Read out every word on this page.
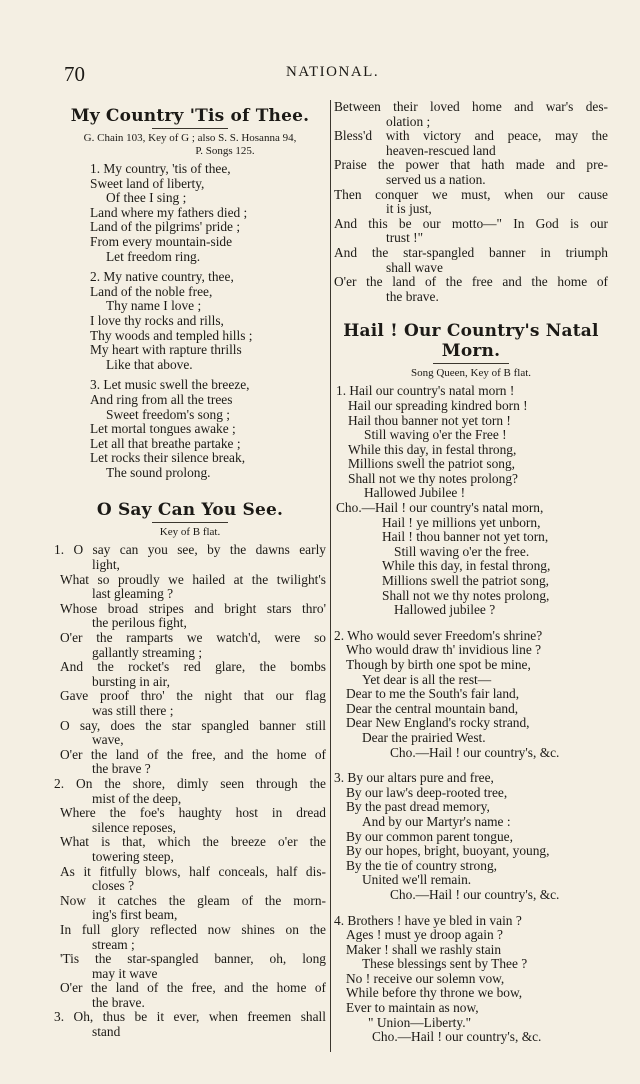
70	NATIONAL.
My Country 'Tis of Thee.
G. Chain 103, Key of G ; also S. S. Hosanna 94,
P. Songs 125.
1. My country, 'tis of thee,
Sweet land of liberty,
Of thee I sing ;
Land where my fathers died ;
Land of the pilgrims' pride ;
From every mountain-side
Let freedom ring.
2. My native country, thee,
Land of the noble free,
Thy name I love ;
I love thy rocks and rills,
Thy woods and templed hills ;
My heart with rapture thrills
Like that above.
3. Let music swell the breeze,
And ring from all the trees
Sweet freedom's song ;
Let mortal tongues awake ;
Let all that breathe partake ;
Let rocks their silence break,
The sound prolong.
O Say Can You See.
Key of B flat.
1. O say can you see, by the dawns early
light,
What so proudly we hailed at the twilight's
last gleaming ?
Whose broad stripes and bright stars thro'
the perilous fight,
O'er the ramparts we watch'd, were so
gallantly streaming ;
And the rocket's red glare, the bombs
bursting in air,
Gave proof thro' the night that our flag
was still there ;
O say, does the star spangled banner still
wave,
O'er the land of the free, and the home of
the brave ?
2. On the shore, dimly seen through the
mist of the deep,
Where the foe's haughty host in dread
silence reposes,
What is that, which the breeze o'er the
towering steep,
As it fitfully blows, half conceals, half dis-
closes ?
Now it catches the gleam of the morn-
ing's first beam,
In full glory reflected now shines on the
stream ;
'Tis the star-spangled banner, oh, long
may it wave
O'er the land of the free, and the home of
the brave.
3. Oh, thus be it ever, when freemen shall
stand
Between their loved home and war's des-
olation ;
Bless'd with victory and peace, may the
heaven-rescued land
Praise the power that hath made and pre-
served us a nation.
Then conquer we must, when our cause
it is just,
And this be our motto—" In God is our
trust !"
And the star-spangled banner in triumph
shall wave
O'er the land of the free and the home of
the brave.
Hail ! Our Country's Natal Morn.
Song Queen, Key of B flat.
1. Hail our country's natal morn !
Hail our spreading kindred born !
Hail thou banner not yet torn !
Still waving o'er the Free !
While this day, in festal throng,
Millions swell the patriot song,
Shall not we thy notes prolong?
Hallowed Jubilee !
Cho.—Hail ! our country's natal morn,
Hail ! ye millions yet unborn,
Hail ! thou banner not yet torn,
Still waving o'er the free.
While this day, in festal throng,
Millions swell the patriot song,
Shall not we thy notes prolong,
Hallowed jubilee ?
2. Who would sever Freedom's shrine?
Who would draw th' invidious line ?
Though by birth one spot be mine,
Yet dear is all the rest—
Dear to me the South's fair land,
Dear the central mountain band,
Dear New England's rocky strand,
Dear the prairied West.
Cho.—Hail ! our country's, &c.
3. By our altars pure and free,
By our law's deep-rooted tree,
By the past dread memory,
And by our Martyr's name :
By our common parent tongue,
By our hopes, bright, buoyant, young,
By the tie of country strong,
United we'll remain.
Cho.—Hail ! our country's, &c.
4. Brothers ! have ye bled in vain ?
Ages ! must ye droop again ?
Maker ! shall we rashly stain
These blessings sent by Thee ?
No ! receive our solemn vow,
While before thy throne we bow,
Ever to maintain as now,
" Union—Liberty."
Cho.—Hail ! our country's, &c.
